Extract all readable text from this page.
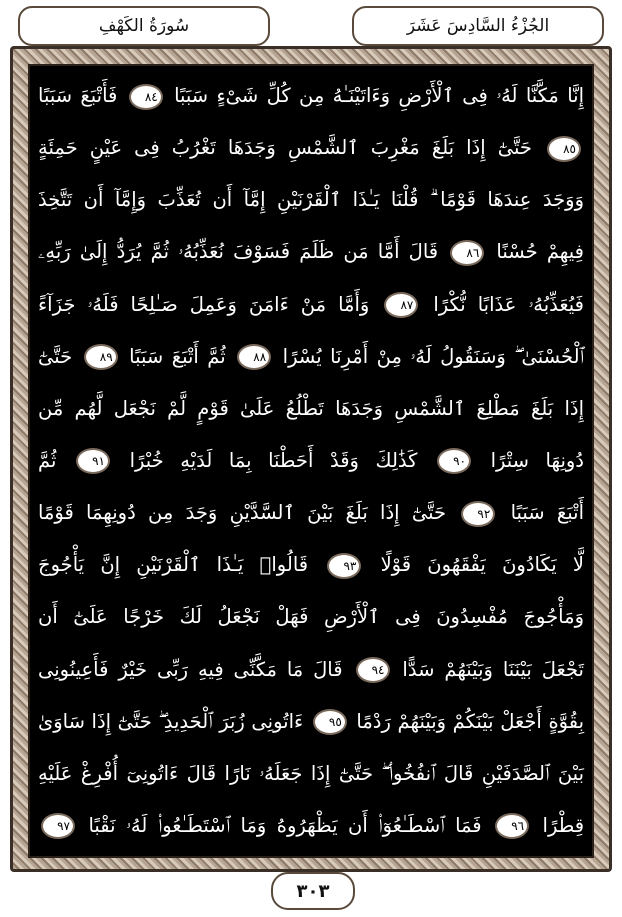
الجُزْءُ السَّادِسَ عَشَرَ
سُورَةُ الكَهْفِ
إِنَّا مَكَّنَّا لَهُۥ فِى ٱلْأَرْضِ وَءَاتَيْنَـٰهُ مِن كُلِّ شَىْءٍ سَبَبًا ٨٤ فَأَتْبَعَ سَبَبًا
٨٥ حَتَّىٰٓ إِذَا بَلَغَ مَغْرِبَ ٱلشَّمْسِ وَجَدَهَا تَغْرُبُ فِى عَيْنٍ حَمِئَةٍ
وَوَجَدَ عِندَهَا قَوْمًا ۗ قُلْنَا يَـٰذَا ٱلْقَرْنَيْنِ إِمَّآ أَن تُعَذِّبَ وَإِمَّآ أَن تَتَّخِذَ
فِيهِمْ حُسْنًا ٨٦ قَالَ أَمَّا مَن ظَلَمَ فَسَوْفَ نُعَذِّبُهُۥ ثُمَّ يُرَدُّ إِلَىٰ رَبِّهِۦ
فَيُعَذِّبُهُۥ عَذَابًا نُّكْرًا ٨٧ وَأَمَّا مَنْ ءَامَنَ وَعَمِلَ صَـٰلِحًا فَلَهُۥ جَزَآءً
ٱلْحُسْنَىٰ ۖ وَسَنَقُولُ لَهُۥ مِنْ أَمْرِنَا يُسْرًا ٨٨ ثُمَّ أَتْبَعَ سَبَبًا ٨٩ حَتَّىٰٓ
إِذَا بَلَغَ مَطْلِعَ ٱلشَّمْسِ وَجَدَهَا تَطْلُعُ عَلَىٰ قَوْمٍ لَّمْ نَجْعَل لَّهُم مِّن
دُونِهَا سِتْرًا ٩٠ كَذَٰلِكَ وَقَدْ أَحَطْنَا بِمَا لَدَيْهِ خُبْرًا ٩١ ثُمَّ
أَتْبَعَ سَبَبًا ٩٢ حَتَّىٰٓ إِذَا بَلَغَ بَيْنَ ٱلسَّدَّيْنِ وَجَدَ مِن دُونِهِمَا قَوْمًا
لَّا يَكَادُونَ يَفْقَهُونَ قَوْلًا ٩٣ قَالُوا۟ يَـٰذَا ٱلْقَرْنَيْنِ إِنَّ يَأْجُوجَ
وَمَأْجُوجَ مُفْسِدُونَ فِى ٱلْأَرْضِ فَهَلْ نَجْعَلُ لَكَ خَرْجًا عَلَىٰٓ أَن
تَجْعَلَ بَيْنَنَا وَبَيْنَهُمْ سَدًّا ٩٤ قَالَ مَا مَكَّنِّى فِيهِ رَبِّى خَيْرٌ فَأَعِينُونِى
بِقُوَّةٍ أَجْعَلْ بَيْنَكُمْ وَبَيْنَهُمْ رَدْمًا ٩٥ ءَاتُونِى زُبَرَ ٱلْحَدِيدِ ۖ حَتَّىٰٓ إِذَا سَاوَىٰ
بَيْنَ ٱلصَّدَفَيْنِ قَالَ ٱنفُخُوا۟ ۖ حَتَّىٰٓ إِذَا جَعَلَهُۥ نَارًا قَالَ ءَاتُونِىٓ أُفْرِغْ عَلَيْهِ
قِطْرًا ٩٦ فَمَا ٱسْطَـٰعُوٓا۟ أَن يَظْهَرُوهُ وَمَا ٱسْتَطَـٰعُوا۟ لَهُۥ نَقْبًا ٩٧
٣٠٣
